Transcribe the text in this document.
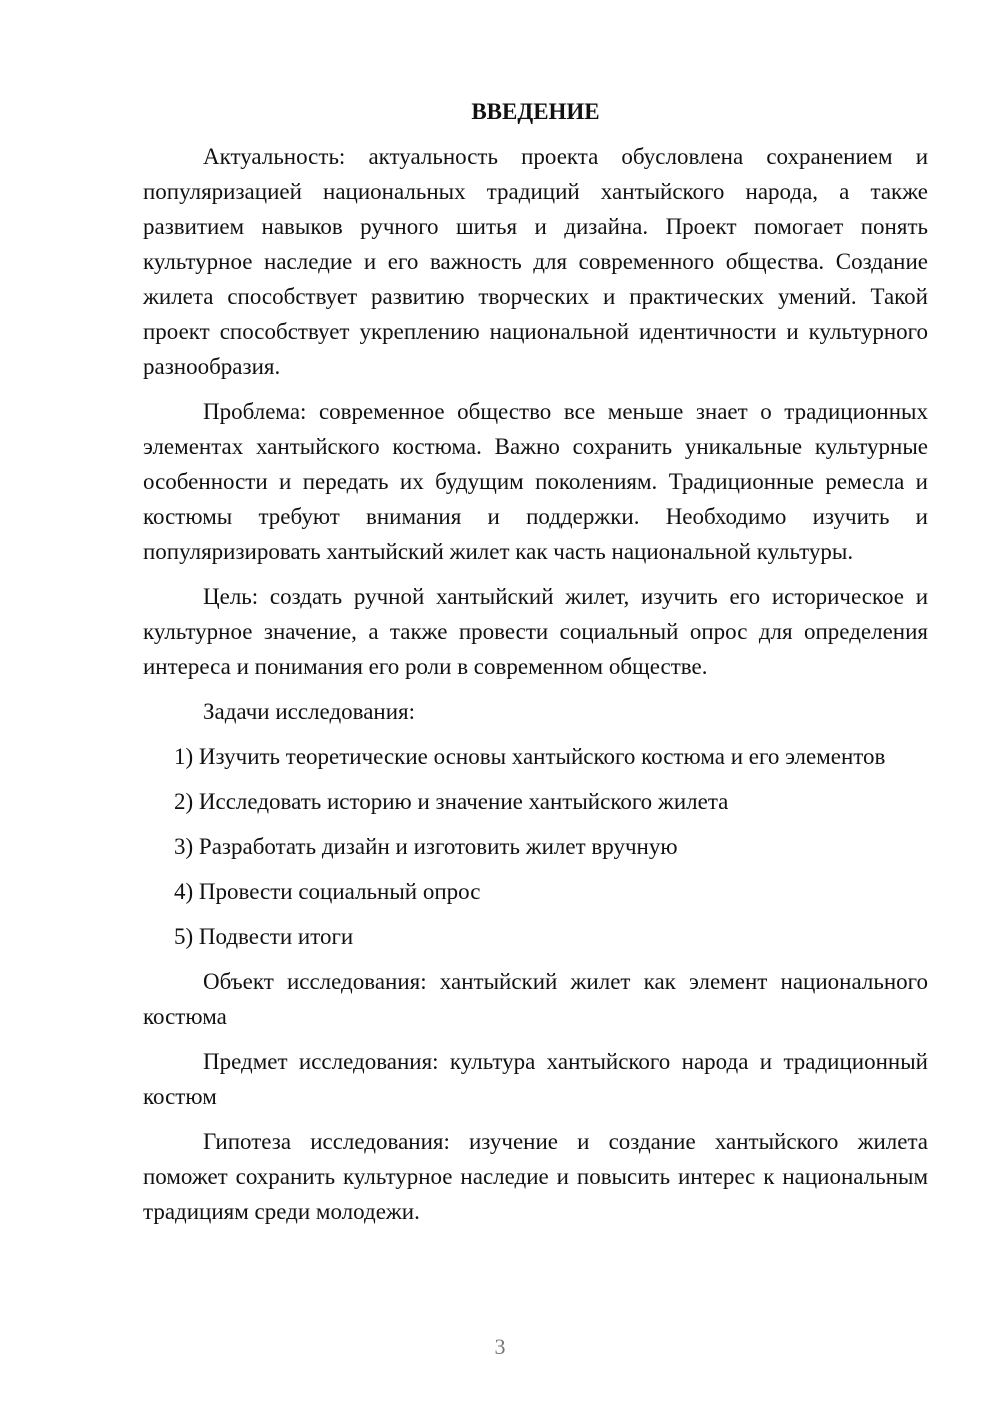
ВВЕДЕНИЕ

Актуальность: актуальность проекта обусловлена сохранением и популяризацией национальных традиций хантыйского народа, а также развитием навыков ручного шитья и дизайна. Проект помогает понять культурное наследие и его важность для современного общества. Создание жилета способствует развитию творческих и практических умений. Такой проект способствует укреплению национальной идентичности и культурного разнообразия.

Проблема: современное общество все меньше знает о традиционных элементах хантыйского костюма. Важно сохранить уникальные культурные особенности и передать их будущим поколениям. Традиционные ремесла и костюмы требуют внимания и поддержки. Необходимо изучить и популяризировать хантыйский жилет как часть национальной культуры.

Цель: создать ручной хантыйский жилет, изучить его историческое и культурное значение, а также провести социальный опрос для определения интереса и понимания его роли в современном обществе.

Задачи исследования:

1) Изучить теоретические основы хантыйского костюма и его элементов

2) Исследовать историю и значение хантыйского жилета

3) Разработать дизайн и изготовить жилет вручную

4) Провести социальный опрос

5) Подвести итоги

Объект исследования: хантыйский жилет как элемент национального костюма

Предмет исследования: культура хантыйского народа и традиционный костюм

Гипотеза исследования: изучение и создание хантыйского жилета поможет сохранить культурное наследие и повысить интерес к национальным традициям среди молодежи.

3
